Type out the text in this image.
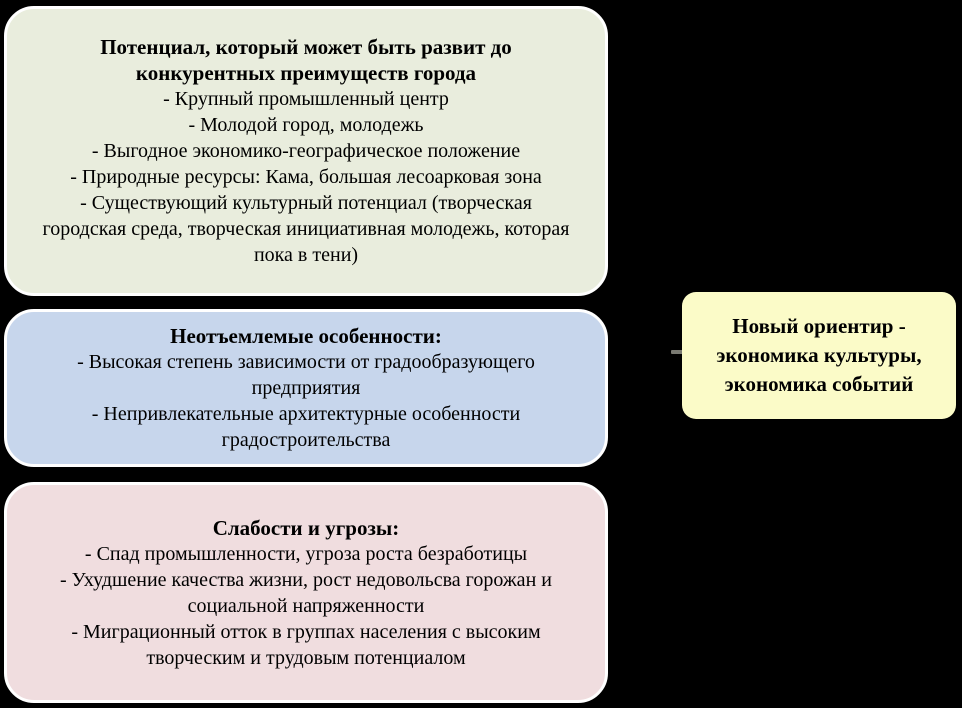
Потенциал, который может быть развит до конкурентных преимуществ города

- Крупный промышленный центр

- Молодой город, молодежь

- Выгодное экономико-географическое положение

- Природные ресурсы: Кама, большая лесоарковая зона

- Существующий культурный потенциал (творческая городская среда, творческая инициативная молодежь, которая пока в тени)

Неотъемлемые особенности:

- Высокая степень зависимости от градообразующего предприятия

- Непривлекательные архитектурные особенности градостроительства

Слабости и угрозы:

- Спад промышленности, угроза роста безработицы

- Ухудшение качества жизни, рост недовольсва горожан и социальной напряженности

- Миграционный отток в группах населения с высоким творческим и трудовым потенциалом

Новый ориентир - экономика культуры, экономика событий
